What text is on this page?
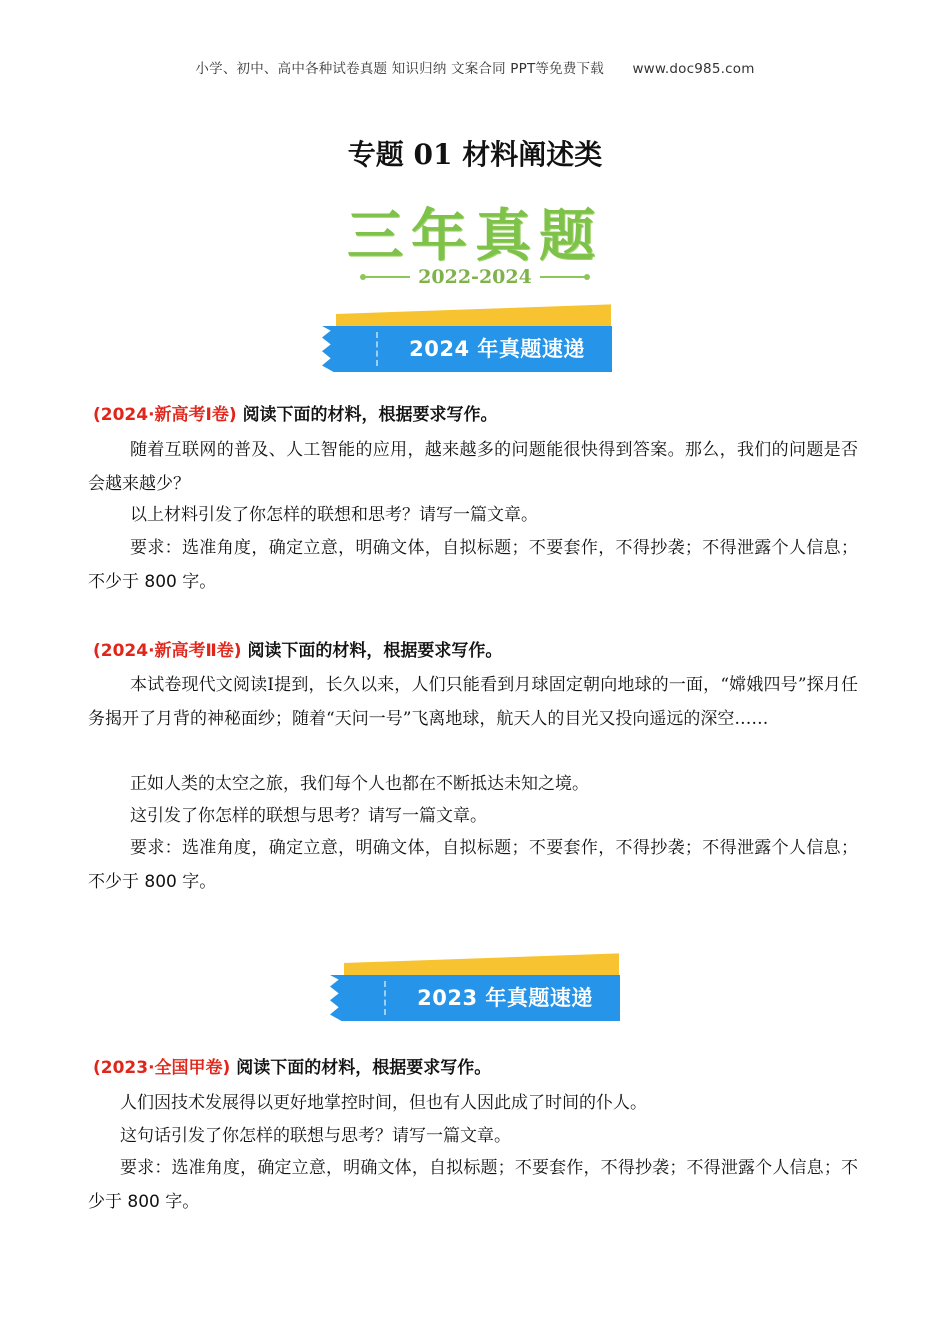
小学、初中、高中各种试卷真题 知识归纳 文案合同 PPT等免费下载 www.doc985.com
专题 01 材料阐述类
三年真题
2022-2024
2024 年真题速递
(2024·新高考Ⅰ卷) 阅读下面的材料，根据要求写作。
随着互联网的普及、人工智能的应用，越来越多的问题能很快得到答案。那么，我们的问题是否会越来越少？
以上材料引发了你怎样的联想和思考？请写一篇文章。
要求：选准角度，确定立意，明确文体，自拟标题；不要套作，不得抄袭；不得泄露个人信息；不少于 800 字。
(2024·新高考Ⅱ卷) 阅读下面的材料，根据要求写作。
本试卷现代文阅读Ⅰ提到，长久以来，人们只能看到月球固定朝向地球的一面，“嫦娥四号”探月任务揭开了月背的神秘面纱；随着“天问一号”飞离地球，航天人的目光又投向遥远的深空……
正如人类的太空之旅，我们每个人也都在不断抵达未知之境。
这引发了你怎样的联想与思考？请写一篇文章。
要求：选准角度，确定立意，明确文体，自拟标题；不要套作，不得抄袭；不得泄露个人信息；不少于 800 字。
2023 年真题速递
(2023·全国甲卷) 阅读下面的材料，根据要求写作。
人们因技术发展得以更好地掌控时间，但也有人因此成了时间的仆人。
这句话引发了你怎样的联想与思考？请写一篇文章。
要求：选准角度，确定立意，明确文体，自拟标题；不要套作，不得抄袭；不得泄露个人信息；不少于 800 字。
